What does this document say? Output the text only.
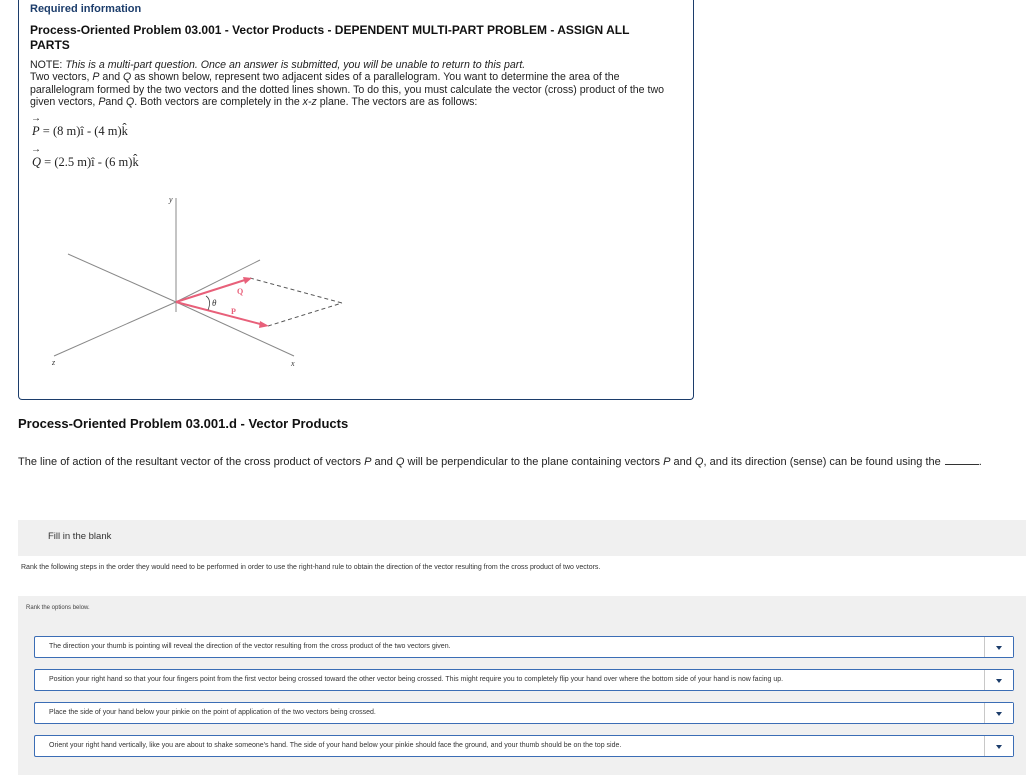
Required information
Process-Oriented Problem 03.001 - Vector Products - DEPENDENT MULTI-PART PROBLEM - ASSIGN ALL PARTS
NOTE: This is a multi-part question. Once an answer is submitted, you will be unable to return to this part.
Two vectors, P and Q as shown below, represent two adjacent sides of a parallelogram. You want to determine the area of the parallelogram formed by the two vectors and the dotted lines shown. To do this, you must calculate the vector (cross) product of the two given vectors, Pand Q. Both vectors are completely in the x-z plane. The vectors are as follows:
→ P = (8 m)î - (4 m)k̂
→ Q = (2.5 m)î - (6 m)k̂
y
x
z
θ
Q
P
Process-Oriented Problem 03.001.d - Vector Products
The line of action of the resultant vector of the cross product of vectors P and Q will be perpendicular to the plane containing vectors P and Q, and its direction (sense) can be found using the	.
Fill in the blank
Rank the following steps in the order they would need to be performed in order to use the right-hand rule to obtain the direction of the vector resulting from the cross product of two vectors.
Rank the options below.
The direction your thumb is pointing will reveal the direction of the vector resulting from the cross product of the two vectors given.
Position your right hand so that your four fingers point from the first vector being crossed toward the other vector being crossed. This might require you to completely flip your hand over where the bottom side of your hand is now facing up.
Place the side of your hand below your pinkie on the point of application of the two vectors being crossed.
Orient your right hand vertically, like you are about to shake someone's hand. The side of your hand below your pinkie should face the ground, and your thumb should be on the top side.
